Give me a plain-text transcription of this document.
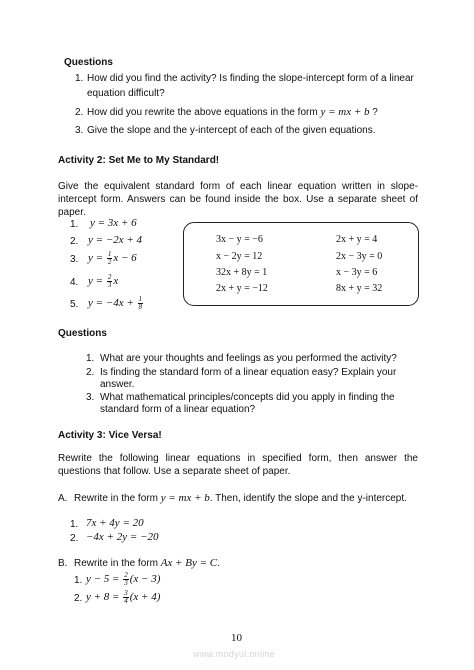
Questions
1. How did you find the activity? Is finding the slope-intercept form of a linear
equation difficult?
2. How did you rewrite the above equations in the form y = mx + b ?
3. Give the slope and the y-intercept of each of the given equations.
Activity 2: Set Me to My Standard!

Give the equivalent standard form of each linear equation written in slope-intercept form. Answers can be found inside the box. Use a separate sheet of paper.

1. y = 3x + 6
2. y = −2x + 4
3. $y = \frac{1}{2}$ x − 6
4. $y = \frac{2}{3}$ x
5. $y = -4x + \frac{1}{8}$
3x − y = −6
x − 2y = 12
32x + 8y = 1
2x + y = −12
2x + y = 4
2x − 3y = 0
x − 3y = 6
8x + y = 32
Questions
1. What are your thoughts and feelings as you performed the activity?
2. Is finding the standard form of a linear equation easy? Explain your
answer.
3. What mathematical principles/concepts did you apply in finding the
standard form of a linear equation?
Activity 3: Vice Versa!

Rewrite the following linear equations in specified form, then answer the questions that follow. Use a separate sheet of paper.

A. Rewrite in the form y = mx + b. Then, identify the slope and the y-intercept.
1. 7x + 4y = 20
2. −4x + 2y = −20
B. Rewrite in the form Ax + By = C.
1. $y - 5 = \frac{2}{3} (x - 3)$
2. $y + 8 = \frac{3}{4} (x + 4)$
10
www.modyul.online
